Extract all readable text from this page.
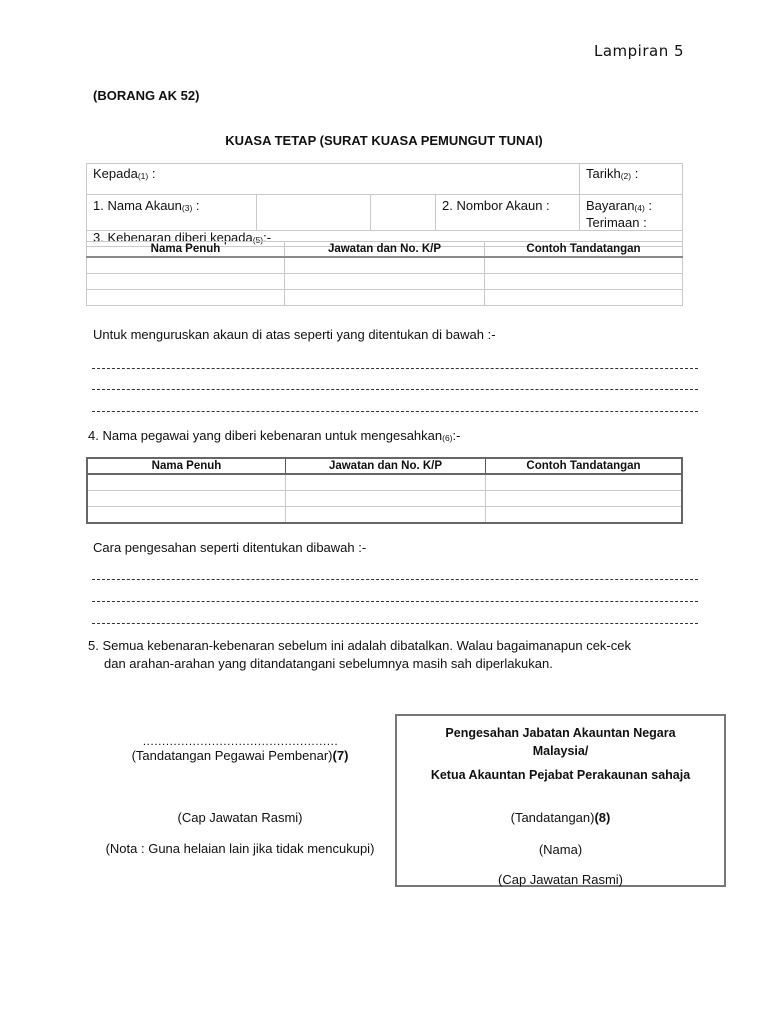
Lampiran 5
(BORANG AK 52)
KUASA TETAP (SURAT KUASA PEMUNGUT TUNAI)
Kepada$_{(1)}$ :				Tarikh$_{(2)}$ :
1. Nama Akaun$_{(3)}$ :			2. Nombor Akaun :	Bayaran$_{(4)}$ :
Terimaan :
3. Kebenaran diberi kepada$_{(5)}$:-				
Nama Penuh	Jawatan dan No. K/P	Contoh Tandatangan

Untuk menguruskan akaun di atas seperti yang ditentukan di bawah :-
4. Nama pegawai yang diberi kebenaran untuk mengesahkan$_{(6)}$:-
Nama Penuh	Jawatan dan No. K/P	Contoh Tandatangan

Cara pengesahan seperti ditentukan dibawah :-
5. Semua kebenaran-kebenaran sebelum ini adalah dibatalkan. Walau bagaimanapun cek-cek
dan arahan-arahan yang ditandatangani sebelumnya masih sah diperlakukan.
……………………………………………
(Tandatangan Pegawai Pembenar)(7)
(Cap Jawatan Rasmi)
(Nota : Guna helaian lain jika tidak mencukupi)
Pengesahan Jabatan Akauntan Negara
Malaysia/
Ketua Akauntan Pejabat Perakaunan sahaja
(Tandatangan)(8)
(Nama)
(Cap Jawatan Rasmi)
